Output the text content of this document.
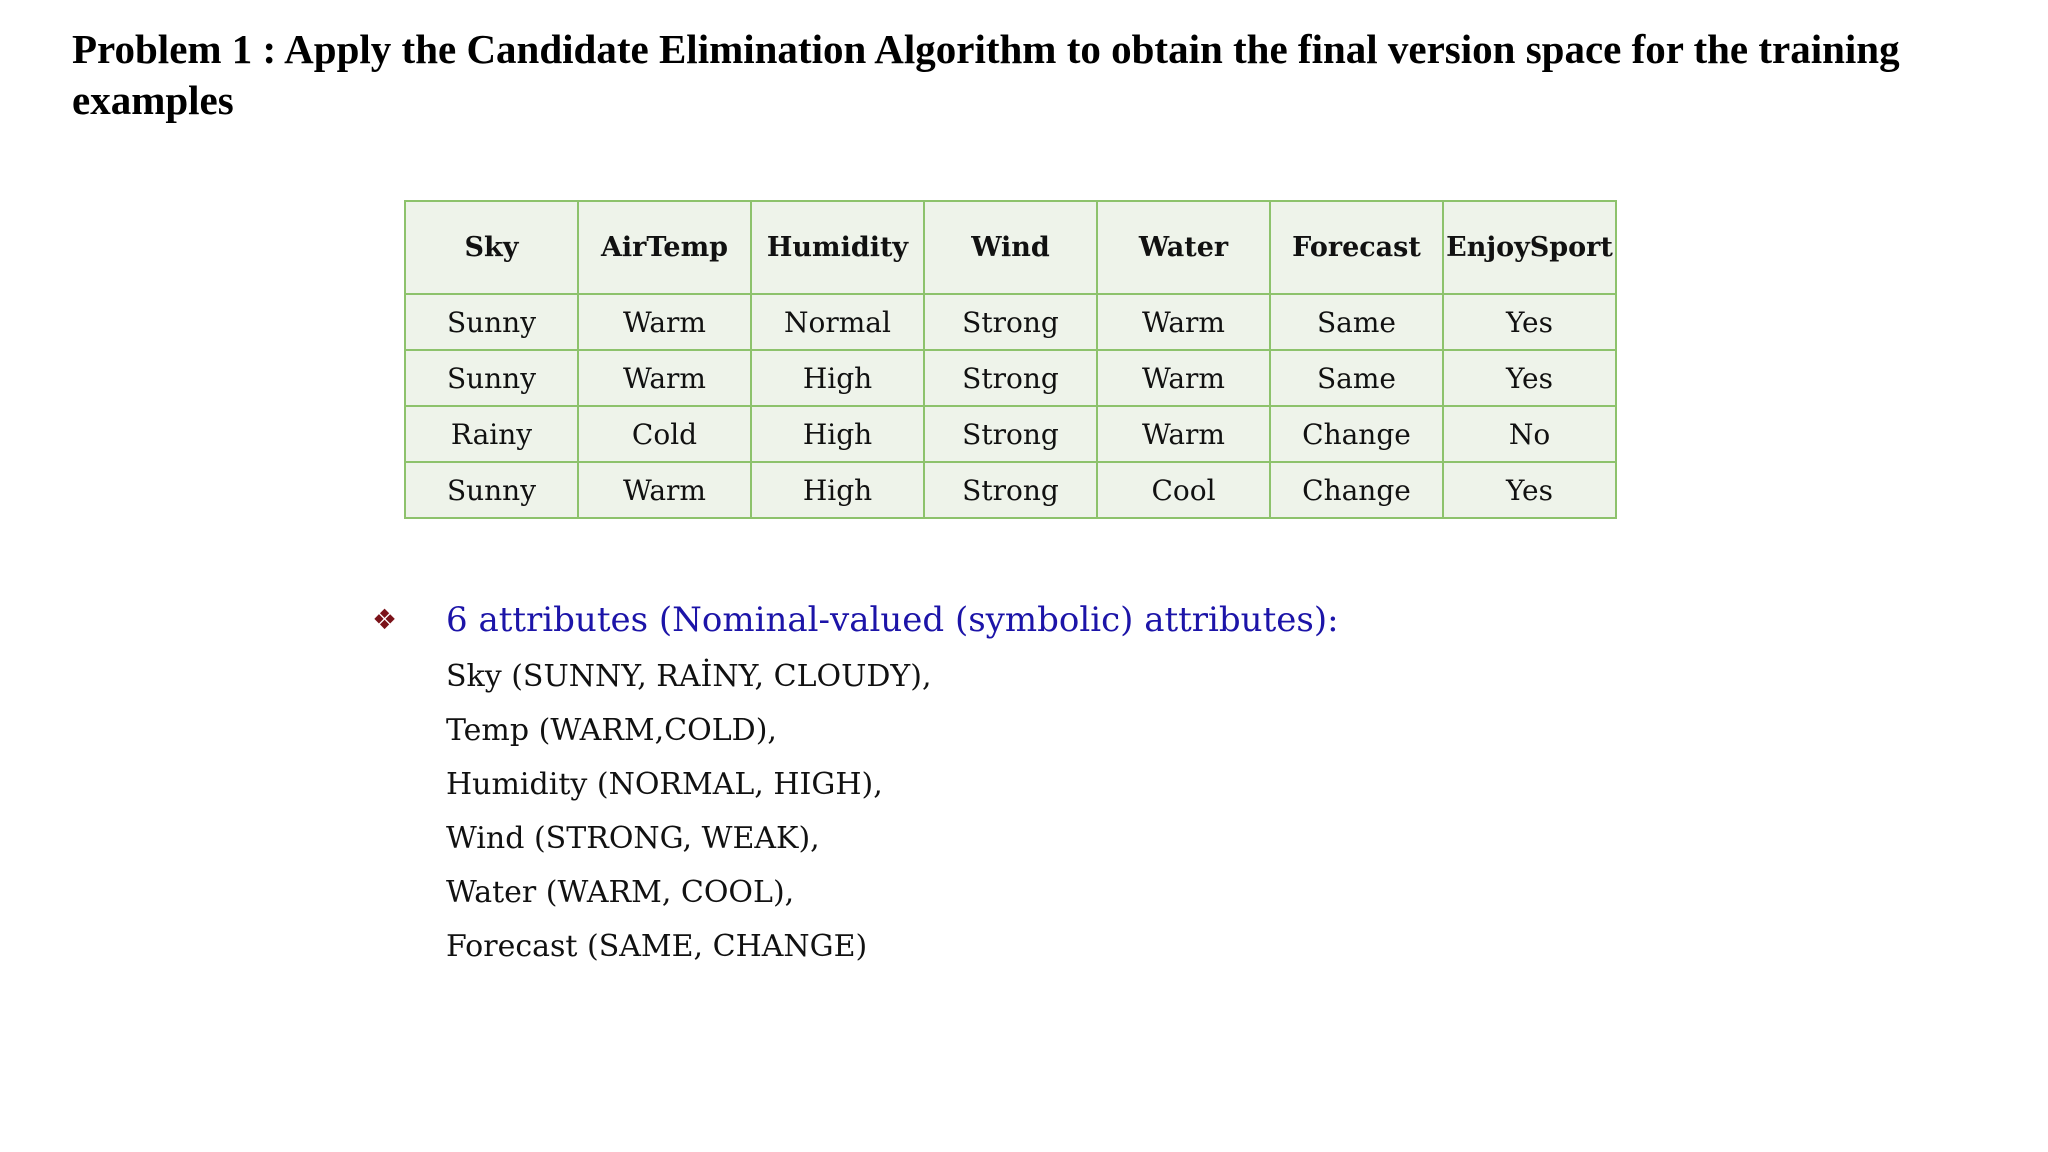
Problem 1 : Apply the Candidate Elimination Algorithm to obtain the final version space for the training examples
Sky	AirTemp	Humidity	Wind	Water	Forecast	EnjoySport
Sunny	Warm	Normal	Strong	Warm	Same	Yes
Sunny	Warm	High	Strong	Warm	Same	Yes
Rainy	Cold	High	Strong	Warm	Change	No
Sunny	Warm	High	Strong	Cool	Change	Yes
❖ 6 attributes (Nominal-valued (symbolic) attributes):

Sky (SUNNY, RAİNY, CLOUDY),
Temp (WARM,COLD),
Humidity (NORMAL, HIGH),
Wind (STRONG, WEAK),
Water (WARM, COOL),
Forecast (SAME, CHANGE)
